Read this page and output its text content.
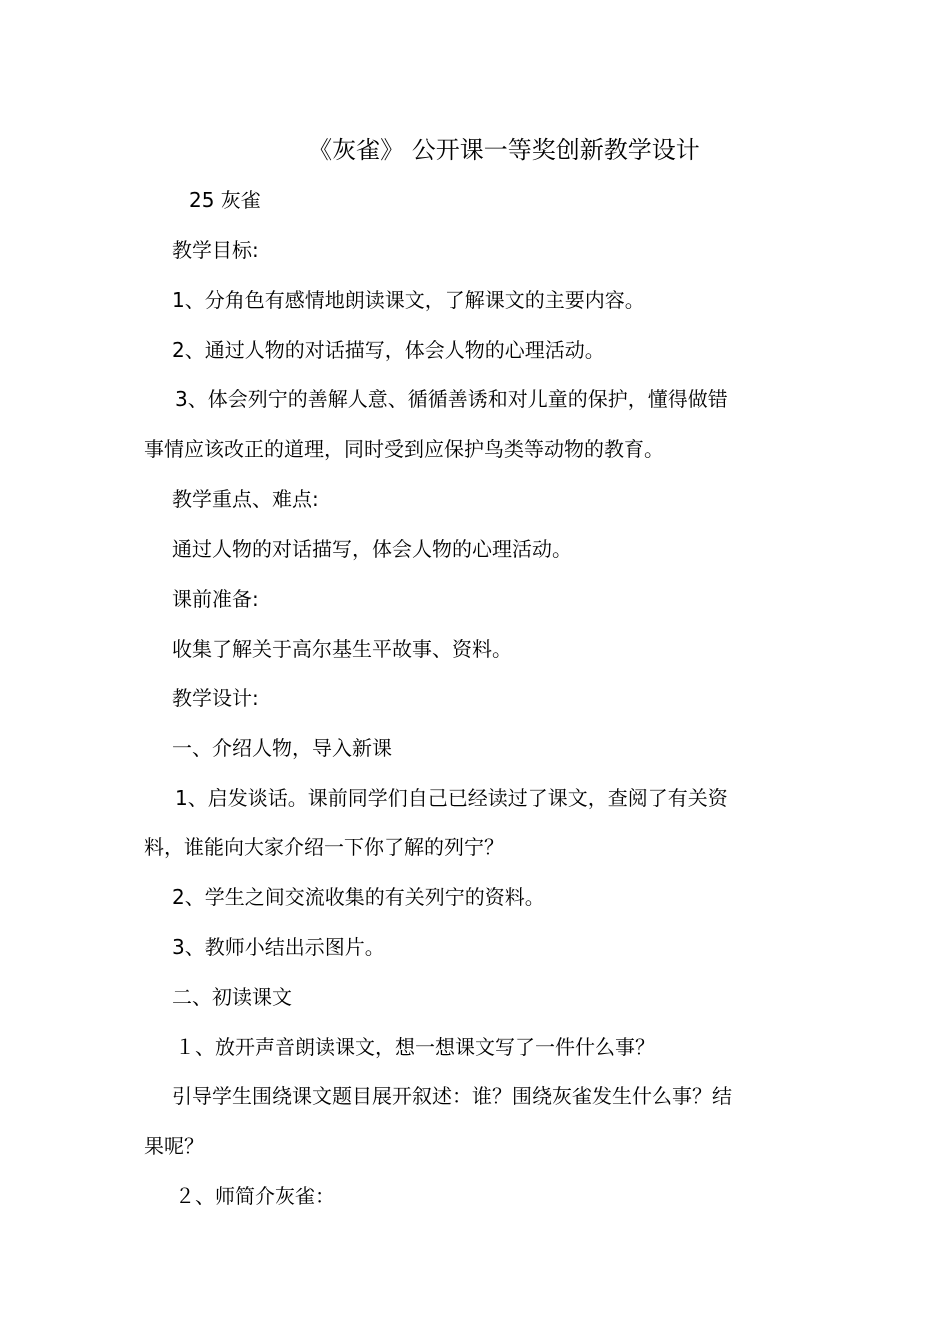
《灰雀》 公开课一等奖创新教学设计

25 灰雀

教学目标:

1、分角色有感情地朗读课文，了解课文的主要内容。

2、通过人物的对话描写，体会人物的心理活动。

3、体会列宁的善解人意、循循善诱和对儿童的保护，懂得做错

事情应该改正的道理，同时受到应保护鸟类等动物的教育。

教学重点、难点:

通过人物的对话描写，体会人物的心理活动。

课前准备:

收集了解关于高尔基生平故事、资料。

教学设计:

一、介绍人物，导入新课

1、启发谈话。课前同学们自己已经读过了课文，查阅了有关资

料，谁能向大家介绍一下你了解的列宁？

2、学生之间交流收集的有关列宁的资料。

3、教师小结出示图片。

二、初读课文

１、放开声音朗读课文，想一想课文写了一件什么事？

引导学生围绕课文题目展开叙述：谁？围绕灰雀发生什么事？结

果呢？

２、师简介灰雀：
